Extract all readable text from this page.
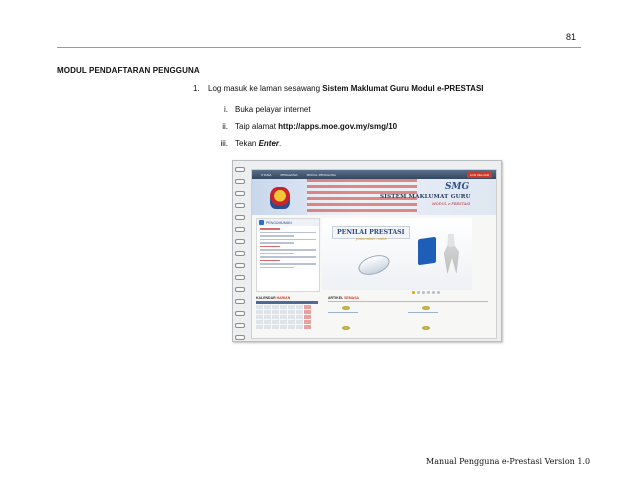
81
MODUL PENDAFTARAN PENGGUNA
1. Log masuk ke laman sesawang Sistem Maklumat Guru Modul e-PRESTASI
i. Buka pelayar internet
ii. Taip alamat http://apps.moe.gov.my/smg/10
iii. Tekan Enter.
UTAMA	PENGGUNA	MODUL PENGGUNA	LOG KELUAR
SMG
SISTEM MAKLUMAT GURU
MODUL e-PRESTASI
PENGUMUMAN
PENILAI PRESTASI
pintas talian - online
KALENDAR HARIAN	ARTIKEL SEMASA
Manual Pengguna e-Prestasi Version 1.0
